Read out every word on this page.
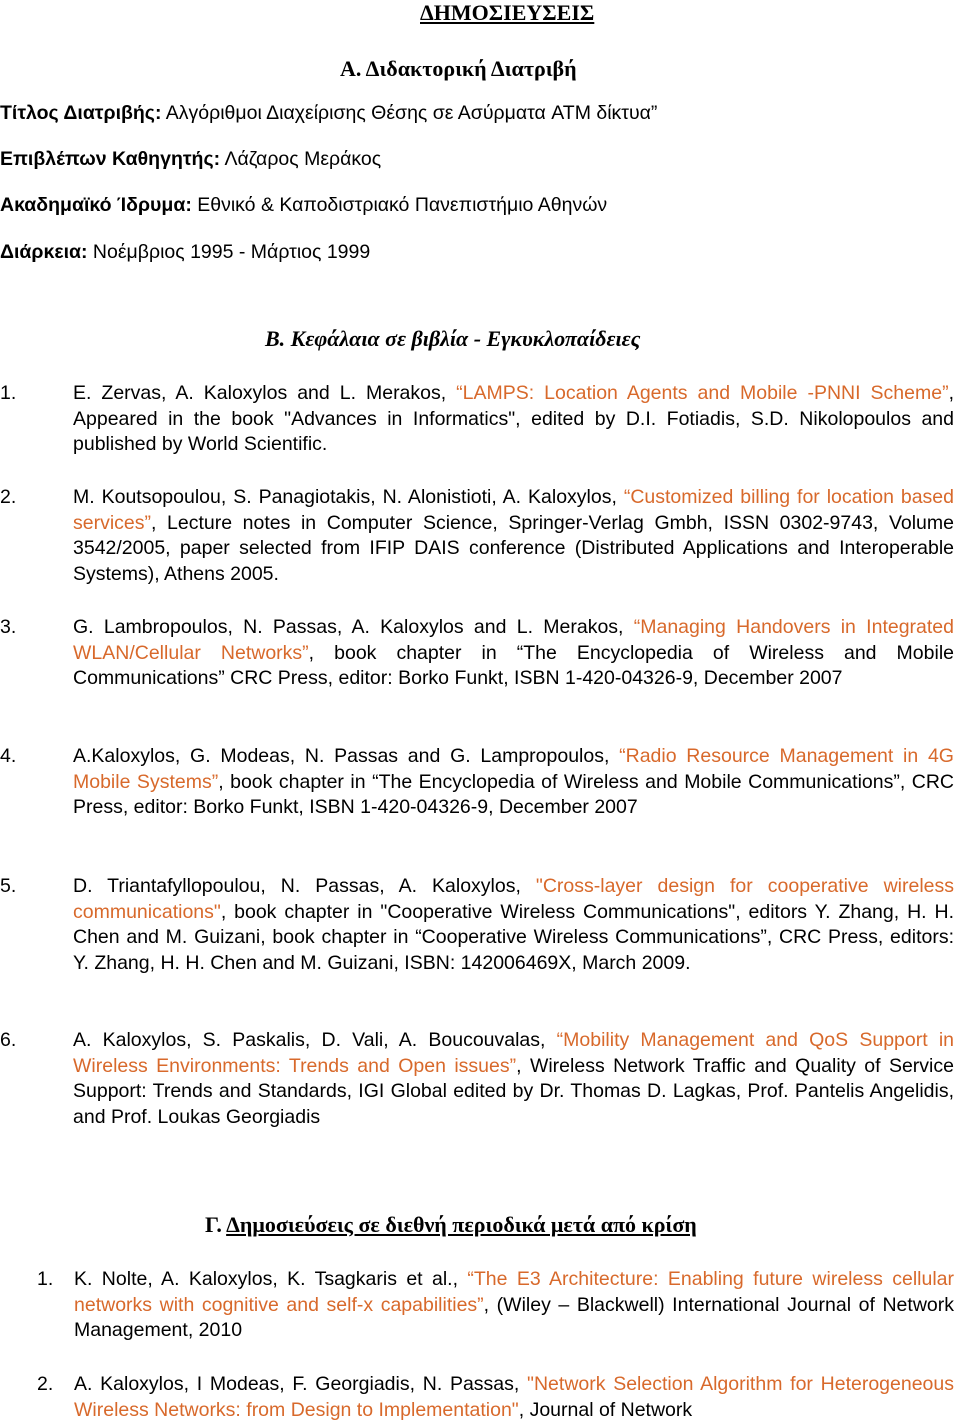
ΔΗΜΟΣΙΕΥΣΕΙΣ
Α. Διδακτορική Διατριβή
Τίτλος Διατριβής: Αλγόριθμοι Διαχείρισης Θέσης σε Ασύρματα ATM δίκτυα”
Επιβλέπων Καθηγητής: Λάζαρος Μεράκος
Ακαδημαϊκό Ίδρυμα: Εθνικό & Καποδιστριακό Πανεπιστήμιο Αθηνών
Διάρκεια: Νοέμβριος 1995 - Μάρτιος 1999
Β. Κεφάλαια σε βιβλία - Εγκυκλοπαίδειες
1.	E. Zervas, A. Kaloxylos and L. Merakos, “LAMPS: Location Agents and Mobile -PNNI Scheme”, Appeared in the book "Advances in Informatics", edited by D.I. Fotiadis, S.D. Nikolopoulos and published by World Scientific.
2.	M. Koutsopoulou, S. Panagiotakis, N. Alonistioti, A. Kaloxylos, “Customized billing for location based services”, Lecture notes in Computer Science, Springer-Verlag Gmbh, ISSN 0302-9743, Volume 3542/2005, paper selected from IFIP DAIS conference (Distributed Applications and Interoperable Systems), Athens 2005.
3.	G. Lambropoulos, N. Passas, A. Kaloxylos and L. Merakos, “Managing Handovers in Integrated WLAN/Cellular Networks”, book chapter in “The Encyclopedia of Wireless and Mobile Communications” CRC Press, editor: Borko Funkt, ISBN 1-420-04326-9, December 2007
4.	A.Kaloxylos, G. Modeas, N. Passas and G. Lampropoulos, “Radio Resource Management in 4G Mobile Systems”, book chapter in “The Encyclopedia of Wireless and Mobile Communications”, CRC Press, editor: Borko Funkt, ISBN 1-420-04326-9, December 2007
5.	D. Triantafyllopoulou, N. Passas, A. Kaloxylos, "Cross-layer design for cooperative wireless communications", book chapter in "Cooperative Wireless Communications", editors Y. Zhang, H. H. Chen and M. Guizani, book chapter in “Cooperative Wireless Communications”, CRC Press, editors: Y. Zhang, H. H. Chen and M. Guizani, ISBN: 142006469X, March 2009.
6.	A. Kaloxylos, S. Paskalis, D. Vali, A. Boucouvalas, “Mobility Management and QoS Support in Wireless Environments: Trends and Open issues”, Wireless Network Traffic and Quality of Service Support: Trends and Standards, IGI Global edited by Dr. Thomas D. Lagkas, Prof. Pantelis Angelidis, and Prof. Loukas Georgiadis
Γ. Δημοσιεύσεις σε διεθνή περιοδικά μετά από κρίση
1. K. Nolte, A. Kaloxylos, K. Tsagkaris et al., “The E3 Architecture: Enabling future wireless cellular networks with cognitive and self-x capabilities”, (Wiley – Blackwell) International Journal of Network Management, 2010
2. A. Kaloxylos, I Modeas, F. Georgiadis, N. Passas, "Network Selection Algorithm for Heterogeneous Wireless Networks: from Design to Implementation", Journal of Network
